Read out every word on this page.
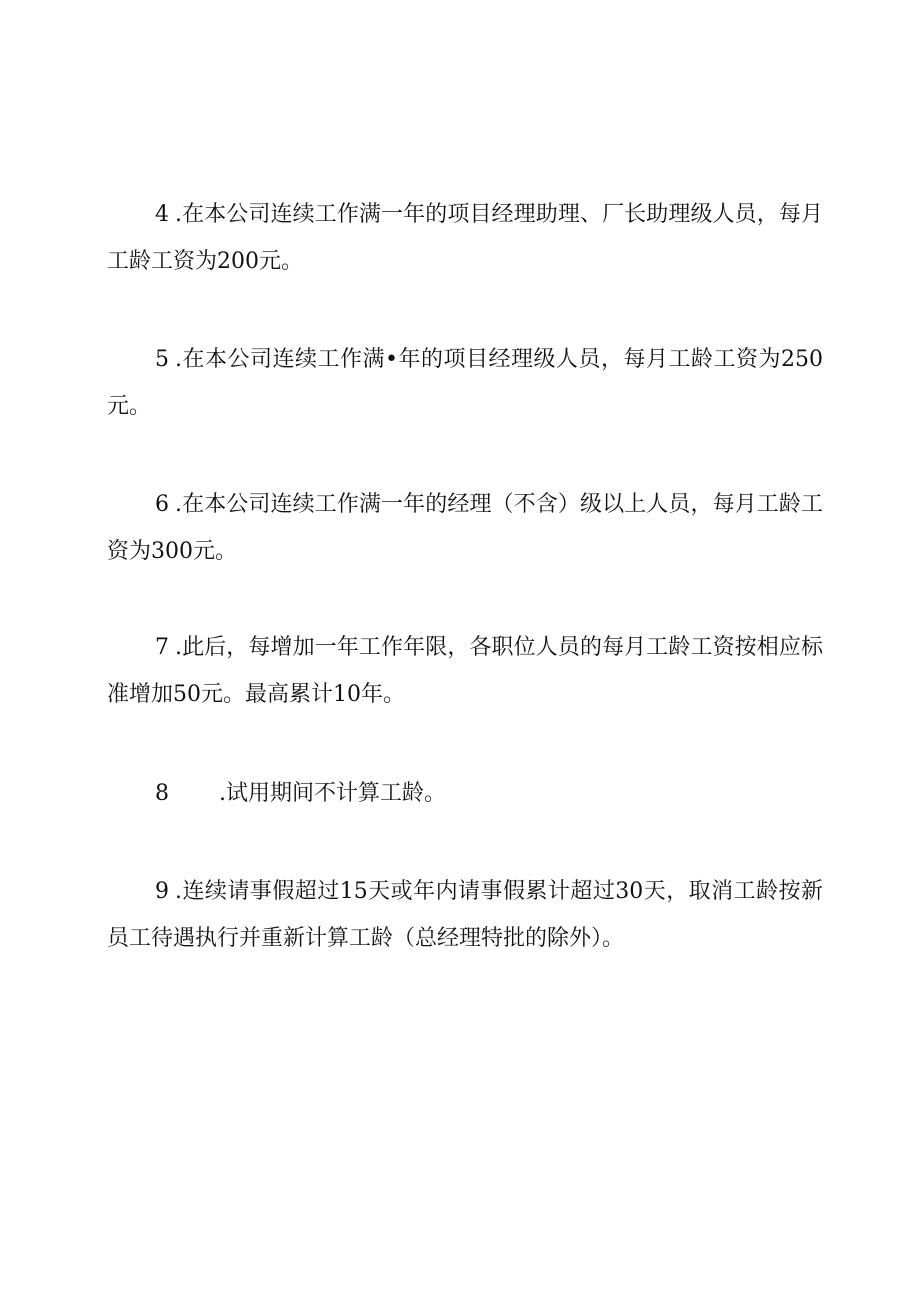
4 .在本公司连续工作满一年的项目经理助理、厂长助理级人员，每月工龄工资为200元。

5 .在本公司连续工作满•年的项目经理级人员，每月工龄工资为250元。

6 .在本公司连续工作满一年的经理（不含）级以上人员，每月工龄工资为300元。

7 .此后，每增加一年工作年限，各职位人员的每月工龄工资按相应标准增加50元。最高累计10年。

8 .试用期间不计算工龄。

9 .连续请事假超过15天或年内请事假累计超过30天，取消工龄按新员工待遇执行并重新计算工龄（总经理特批的除外）。
